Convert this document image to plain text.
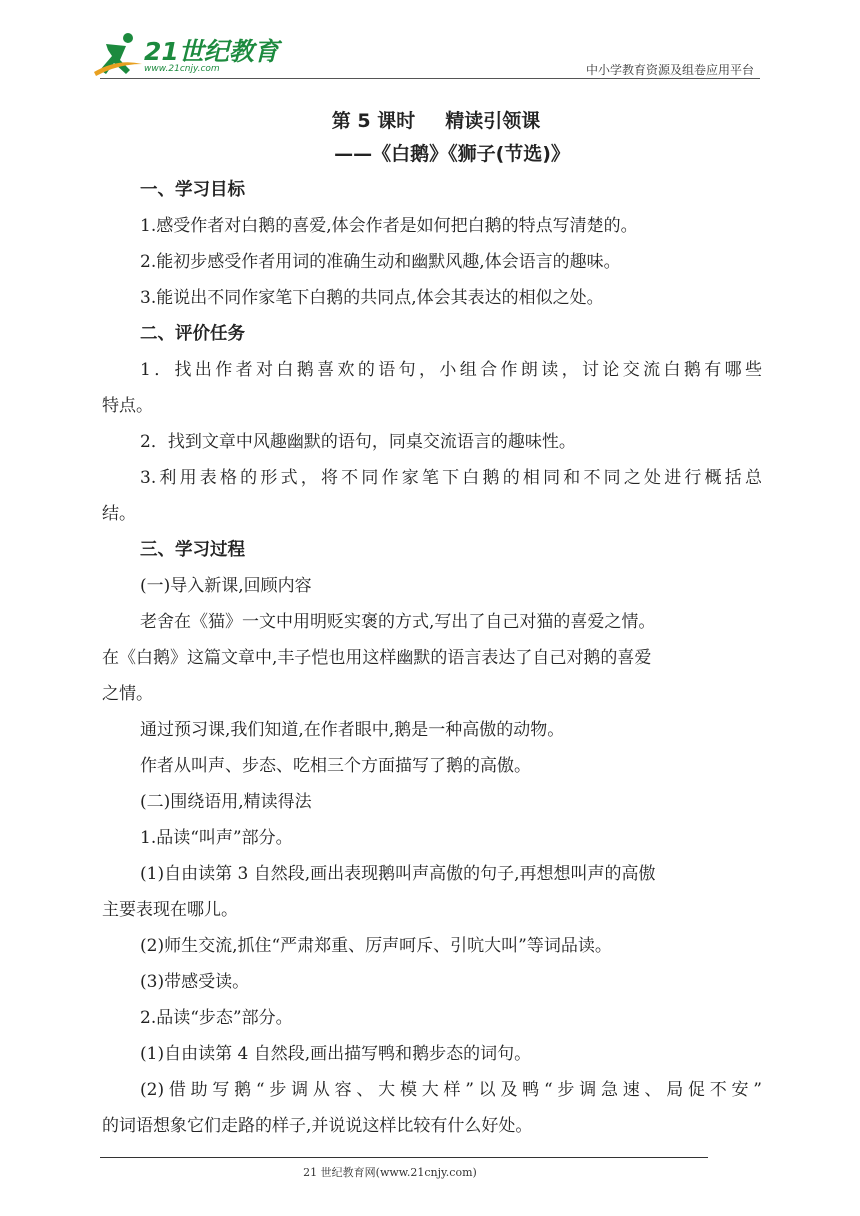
21世纪教育
www.21cnjy.com	中小学教育资源及组卷应用平台
第 5 课时 精读引领课
——《白鹅》《狮子(节选)》
一、学习目标
1.感受作者对白鹅的喜爱,体会作者是如何把白鹅的特点写清楚的。
2.能初步感受作者用词的准确生动和幽默风趣,体会语言的趣味。
3.能说出不同作家笔下白鹅的共同点,体会其表达的相似之处。
二、评价任务
1．找出作者对白鹅喜欢的语句，小组合作朗读，讨论交流白鹅有哪些
特点。
2．找到文章中风趣幽默的语句，同桌交流语言的趣味性。
3.利用表格的形式，将不同作家笔下白鹅的相同和不同之处进行概括总
结。
三、学习过程
(一)导入新课,回顾内容
老舍在《猫》一文中用明贬实褒的方式,写出了自己对猫的喜爱之情。
在《白鹅》这篇文章中,丰子恺也用这样幽默的语言表达了自己对鹅的喜爱
之情。
通过预习课,我们知道,在作者眼中,鹅是一种高傲的动物。
作者从叫声、步态、吃相三个方面描写了鹅的高傲。
(二)围绕语用,精读得法
1.品读“叫声”部分。
(1)自由读第 3 自然段,画出表现鹅叫声高傲的句子,再想想叫声的高傲
主要表现在哪儿。
(2)师生交流,抓住“严肃郑重、厉声呵斥、引吭大叫”等词品读。
(3)带感受读。
2.品读“步态”部分。
(1)自由读第 4 自然段,画出描写鸭和鹅步态的词句。
(2)借助写鹅“步调从容、大模大样”以及鸭“步调急速、局促不安”
的词语想象它们走路的样子,并说说这样比较有什么好处。
21 世纪教育网(www.21cnjy.com)
